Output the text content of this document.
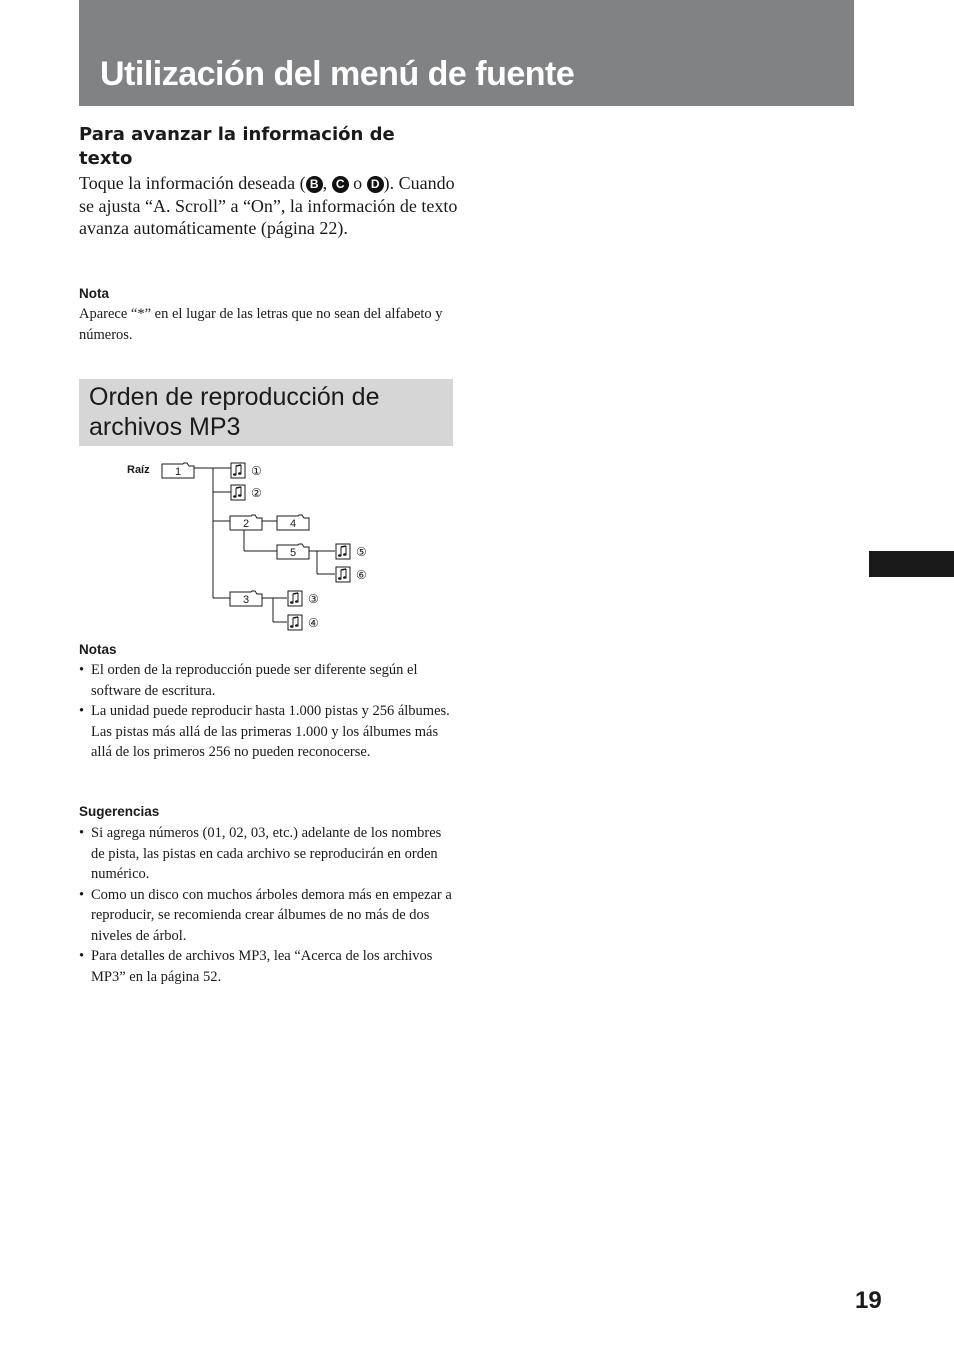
Utilización del menú de fuente
Para avanzar la información de texto
Toque la información deseada ( B , C o D ). Cuando se ajusta “A. Scroll” a “On”, la información de texto avanza automáticamente (página 22).
Nota
Aparece “*” en el lugar de las letras que no sean del alfabeto y números.
Orden de reproducción de archivos MP3
Raíz 1
2
3
4
5
①
②
③
④
⑤
⑥
Notas
• El orden de la reproducción puede ser diferente según el software de escritura.
• La unidad puede reproducir hasta 1.000 pistas y 256 álbumes. Las pistas más allá de las primeras 1.000 y los álbumes más allá de los primeros 256 no pueden reconocerse.
Sugerencias
• Si agrega números (01, 02, 03, etc.) adelante de los nombres de pista, las pistas en cada archivo se reproducirán en orden numérico.
• Como un disco con muchos árboles demora más en empezar a reproducir, se recomienda crear álbumes de no más de dos niveles de árbol.
• Para detalles de archivos MP3, lea “Acerca de los archivos MP3” en la página 52.
19
